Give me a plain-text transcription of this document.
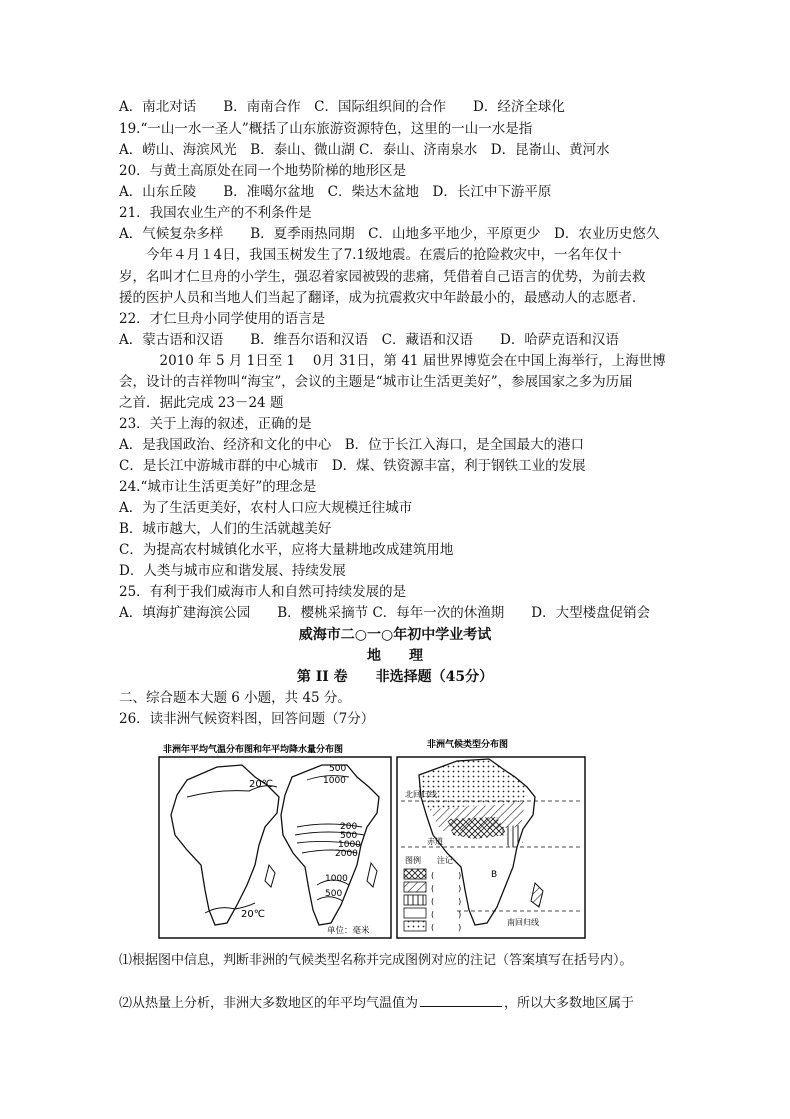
A．南北对话　　B．南南合作　C．国际组织间的合作　　D．经济全球化
19.“一山一水一圣人”概括了山东旅游资源特色，这里的一山一水是指
A．崂山、海滨风光　B．泰山、微山湖 C．泰山、济南泉水　D．昆嵛山、黄河水
20．与黄土高原处在同一个地势阶梯的地形区是
A．山东丘陵　　B．准噶尔盆地　C．柴达木盆地　D．长江中下游平原
21．我国农业生产的不利条件是
A．气候复杂多样　　B．夏季雨热同期　C．山地多平地少，平原更少　D．农业历史悠久
　　今年４月１4日，我国玉树发生了7.1级地震。在震后的抢险救灾中，一名年仅十
岁，名叫才仁旦舟的小学生，强忍着家园被毁的悲痛，凭借着自己语言的优势，为前去救
援的医护人员和当地人们当起了翻译，成为抗震救灾中年龄最小的，最感动人的志愿者．
22．才仁旦舟小同学使用的语言是
A．蒙古语和汉语　　B．维吾尔语和汉语　C．藏语和汉语　　D．哈萨克语和汉语
　　　2010 年 5 月 1日至 1　 0月 31日，第 41 届世界博览会在中国上海举行，上海世博
会，设计的吉祥物叫“海宝”，会议的主题是“城市让生活更美好”，参展国家之多为历届
之首．据此完成 23－24 题
23．关于上海的叙述，正确的是
A．是我国政治、经济和文化的中心　B．位于长江入海口，是全国最大的港口
C．是长江中游城市群的中心城市　D．煤、铁资源丰富，利于钢铁工业的发展
24.“城市让生活更美好”的理念是
A．为了生活更美好，农村人口应大规模迁往城市
B．城市越大，人们的生活就越美好
C．为提高农村城镇化水平，应将大量耕地改成建筑用地
D．人类与城市应和谐发展、持续发展
25．有利于我们威海市人和自然可持续发展的是
A．填海扩建海滨公园　　B．樱桃采摘节 C．每年一次的休渔期　　D．大型楼盘促销会
威海市二○一○年初中学业考试
地　　理
第 II 卷　　非选择题（45分）
二、综合题本大题 6 小题，共 45 分。
26．读非洲气候资料图，回答问题（7分）
非洲年平均气温分布图和年平均降水量分布图
20℃
20℃
500
1000
200
500
1000
2000
1000
500
单位：毫米
非洲气候类型分布图
北回归线
赤道
南回归线
B
图例 注记
(　　　)
(　　　)
(　　　)
(　　　)
(　　　)
⑴根据图中信息，判断非洲的气候类型名称并完成图例对应的注记（答案填写在括号内）。
⑵从热量上分析，非洲大多数地区的年平均气温值为	，所以大多数地区属于
